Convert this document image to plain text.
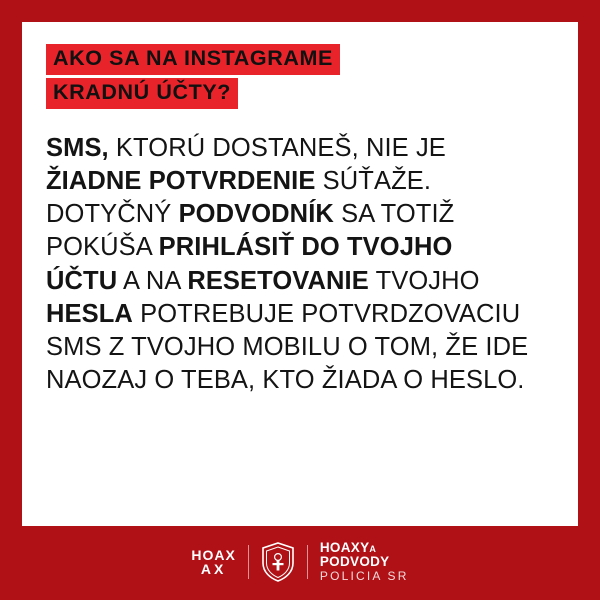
AKO SA NA INSTAGRAME
KRADNÚ ÚČTY?
SMS, KTORÚ DOSTANEŠ, NIE JE
ŽIADNE POTVRDENIE SÚŤAŽE.
DOTYČNÝ PODVODNÍK SA TOTIŽ
POKÚŠA PRIHLÁSIŤ DO TVOJHO
ÚČTU A NA RESETOVANIE TVOJHO
HESLA POTREBUJE POTVRDZOVACIU
SMS Z TVOJHO MOBILU O TOM, ŽE IDE
NAOZAJ O TEBA, KTO ŽIADA O HESLO.
HOAX
AX
HOAXYA
PODVODY
POLICIA SR
